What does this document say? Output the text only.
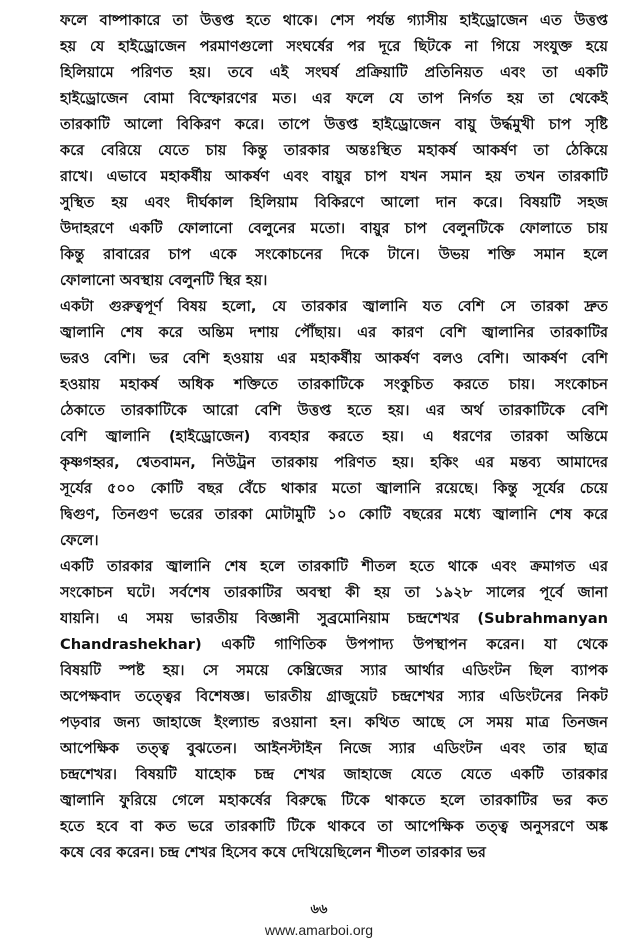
ফলে বাষ্পাকারে তা উত্তপ্ত হতে থাকে। শেস পর্যন্ত গ্যাসীয় হাইড্রোজেন এত উত্তপ্ত
হয় যে হাইড্রোজেন পরমাণগুলো সংঘর্ষের পর দূরে ছিটকে না গিয়ে সংযুক্ত হয়ে
হিলিয়ামে পরিণত হয়। তবে এই সংঘর্ষ প্রক্রিয়াটি প্রতিনিয়ত এবং তা একটি
হাইড্রোজেন বোমা বিস্ফোরণের মত। এর ফলে যে তাপ নির্গত হয় তা থেকেই
তারকাটি আলো বিকিরণ করে। তাপে উত্তপ্ত হাইড্রোজেন বায়ু উর্দ্ধমুখী চাপ সৃষ্টি
করে বেরিয়ে যেতে চায় কিন্তু তারকার অন্তঃস্থিত মহাকর্ষ আকর্ষণ তা ঠেকিয়ে
রাখে। এভাবে মহাকর্ষীয় আকর্ষণ এবং বায়ুর চাপ যখন সমান হয় তখন তারকাটি
সুস্থিত হয় এবং দীর্ঘকাল হিলিয়াম বিকিরণে আলো দান করে। বিষয়টি সহজ
উদাহরণে একটি ফোলানো বেলুনের মতো। বায়ুর চাপ বেলুনটিকে ফোলাতে চায়
কিন্তু রাবারের চাপ একে সংকোচনের দিকে টানে। উভয় শক্তি সমান হলে
ফোলানো অবস্থায় বেলুনটি স্থির হয়।
একটা গুরুত্বপূর্ণ বিষয় হলো, যে তারকার জ্বালানি যত বেশি সে তারকা দ্রুত
জ্বালানি শেষ করে অন্তিম দশায় পৌঁছায়। এর কারণ বেশি জ্বালানির তারকাটির
ভরও বেশি। ভর বেশি হওয়ায় এর মহাকর্ষীয় আকর্ষণ বলও বেশি। আকর্ষণ বেশি
হওয়ায় মহাকর্ষ অধিক শক্তিতে তারকাটিকে সংকুচিত করতে চায়। সংকোচন
ঠেকাতে তারকাটিকে আরো বেশি উত্তপ্ত হতে হয়। এর অর্থ তারকাটিকে বেশি
বেশি জ্বালানি (হাইড্রোজেন) ব্যবহার করতে হয়। এ ধরণের তারকা অন্তিমে
কৃষ্ণগহ্বর, শ্বেতবামন, নিউট্রন তারকায় পরিণত হয়। হকিং এর মন্তব্য আমাদের
সূর্যের ৫০০ কোটি বছর বেঁচে থাকার মতো জ্বালানি রয়েছে। কিন্তু সূর্যের চেয়ে
দ্বিগুণ, তিনগুণ ভরের তারকা মোটামুটি ১০ কোটি বছরের মধ্যে জ্বালানি শেষ করে
ফেলে।
একটি তারকার জ্বালানি শেষ হলে তারকাটি শীতল হতে থাকে এবং ক্রমাগত এর
সংকোচন ঘটে। সর্বশেষ তারকাটির অবস্থা কী হয় তা ১৯২৮ সালের পূর্বে জানা
যায়নি। এ সময় ভারতীয় বিজ্ঞানী সুব্রমোনিয়াম চন্দ্রশেখর (Subrahmanyan
Chandrashekhar) একটি গাণিতিক উপপাদ্য উপস্থাপন করেন। যা থেকে
বিষয়টি স্পষ্ট হয়। সে সময়ে কেম্ব্রিজের স্যার আর্থার এডিংটন ছিল ব্যাপক
অপেক্ষবাদ তত্ত্বের বিশেষজ্ঞ। ভারতীয় গ্রাজুয়েট চন্দ্রশেখর স্যার এডিংটনের নিকট
পড়বার জন্য জাহাজে ইংল্যান্ড রওয়ানা হন। কথিত আছে সে সময় মাত্র তিনজন
আপেক্ষিক তত্ত্ব বুঝতেন। আইনস্টাইন নিজে স্যার এডিংটন এবং তার ছাত্র
চন্দ্রশেখর। বিষয়টি যাহোক চন্দ্র শেখর জাহাজে যেতে যেতে একটি তারকার
জ্বালানি ফুরিয়ে গেলে মহাকর্ষের বিরুদ্ধে টিকে থাকতে হলে তারকাটির ভর কত
হতে হবে বা কত ভরে তারকাটি টিকে থাকবে তা আপেক্ষিক তত্ত্ব অনুসরণে অঙ্ক
কষে বের করেন। চন্দ্র শেখর হিসেব কষে দেখিয়েছিলেন শীতল তারকার ভর
৬৬
www.amarboi.org
